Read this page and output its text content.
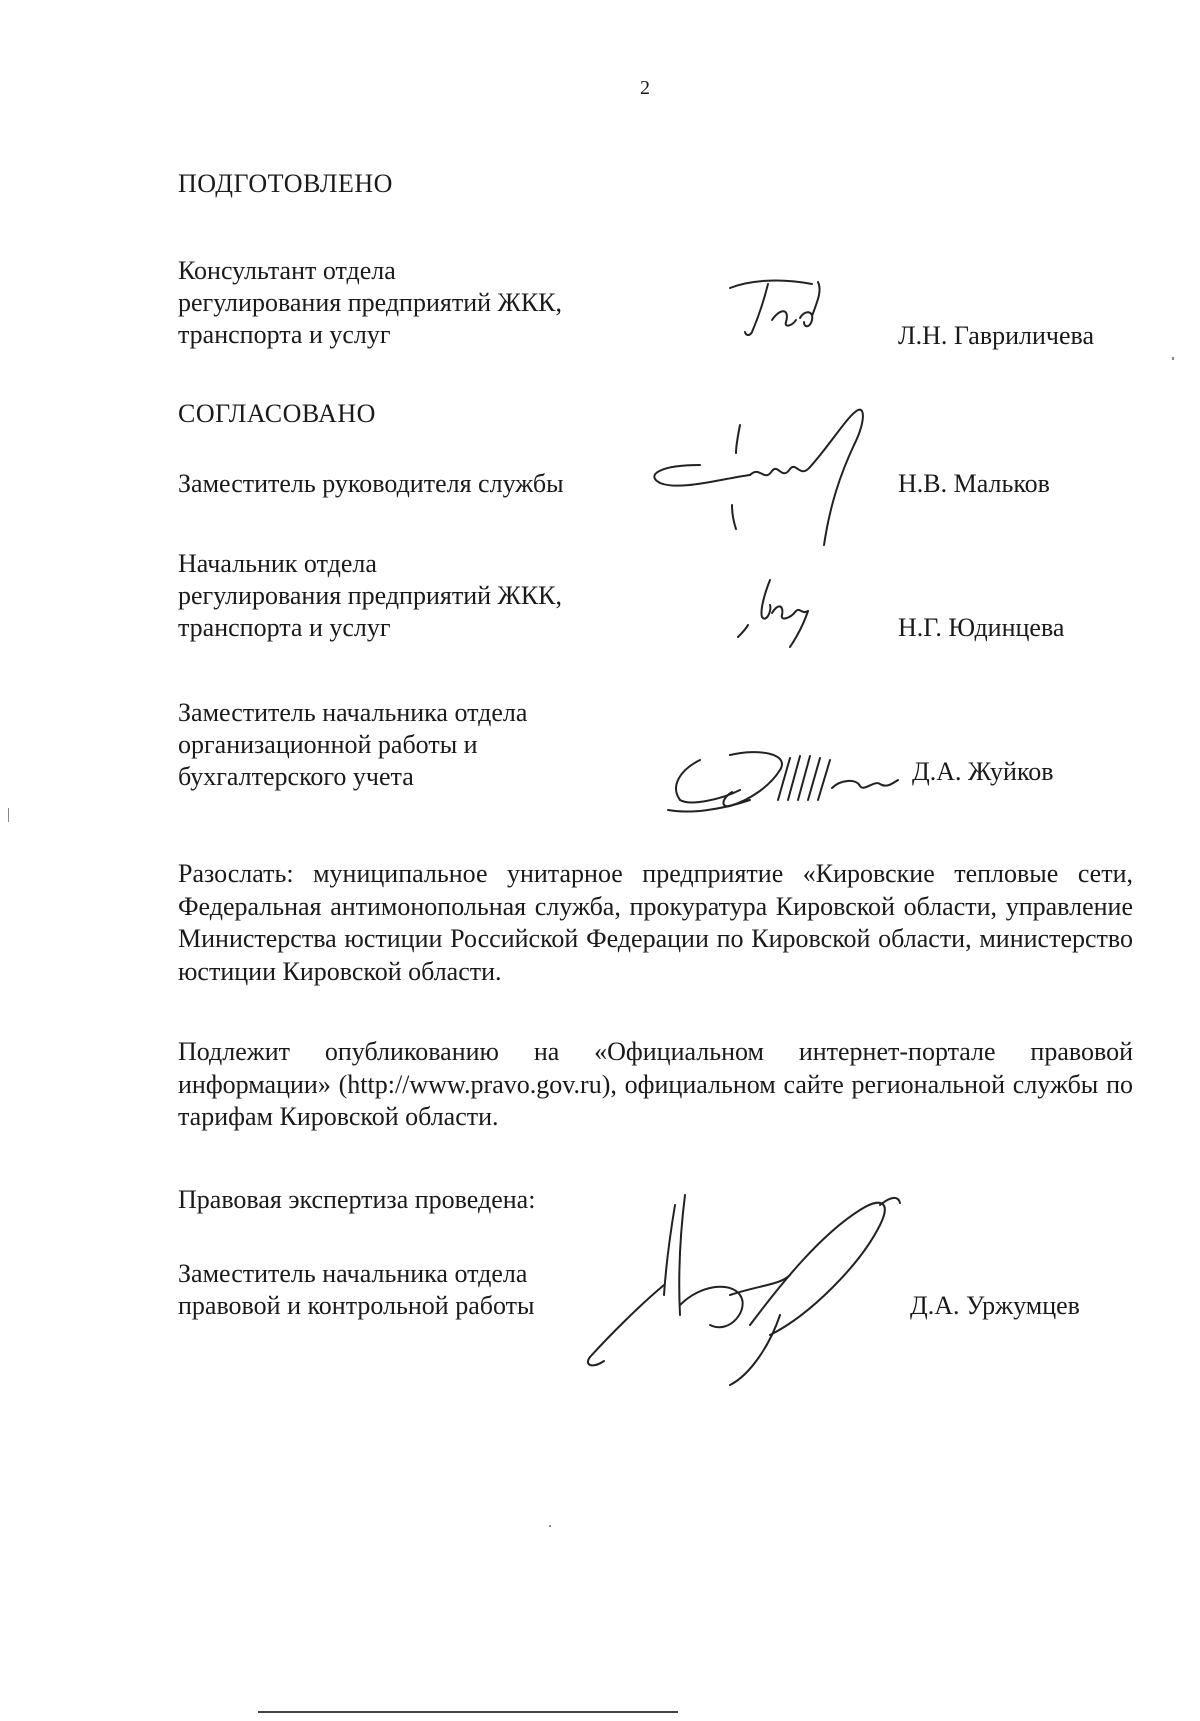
2
ПОДГОТОВЛЕНО
Консультант отдела
регулирования предприятий ЖКК,
транспорта и услуг	Л.Н. Гавриличева
СОГЛАСОВАНО
Заместитель руководителя службы	Н.В. Мальков
Начальник отдела
регулирования предприятий ЖКК,
транспорта и услуг	Н.Г. Юдинцева
Заместитель начальника отдела
организационной работы и
бухгалтерского учета	Д.А. Жуйков
Разослать: муниципальное унитарное предприятие «Кировские тепловые сети, Федеральная антимонопольная служба, прокуратура Кировской области, управление Министерства юстиции Российской Федерации по Кировской области, министерство юстиции Кировской области.
Подлежит опубликованию на «Официальном интернет-портале правовой информации» (http://www.pravo.gov.ru), официальном сайте региональной службы по тарифам Кировской области.
Правовая экспертиза проведена:
Заместитель начальника отдела
правовой и контрольной работы	Д.А. Уржумцев
